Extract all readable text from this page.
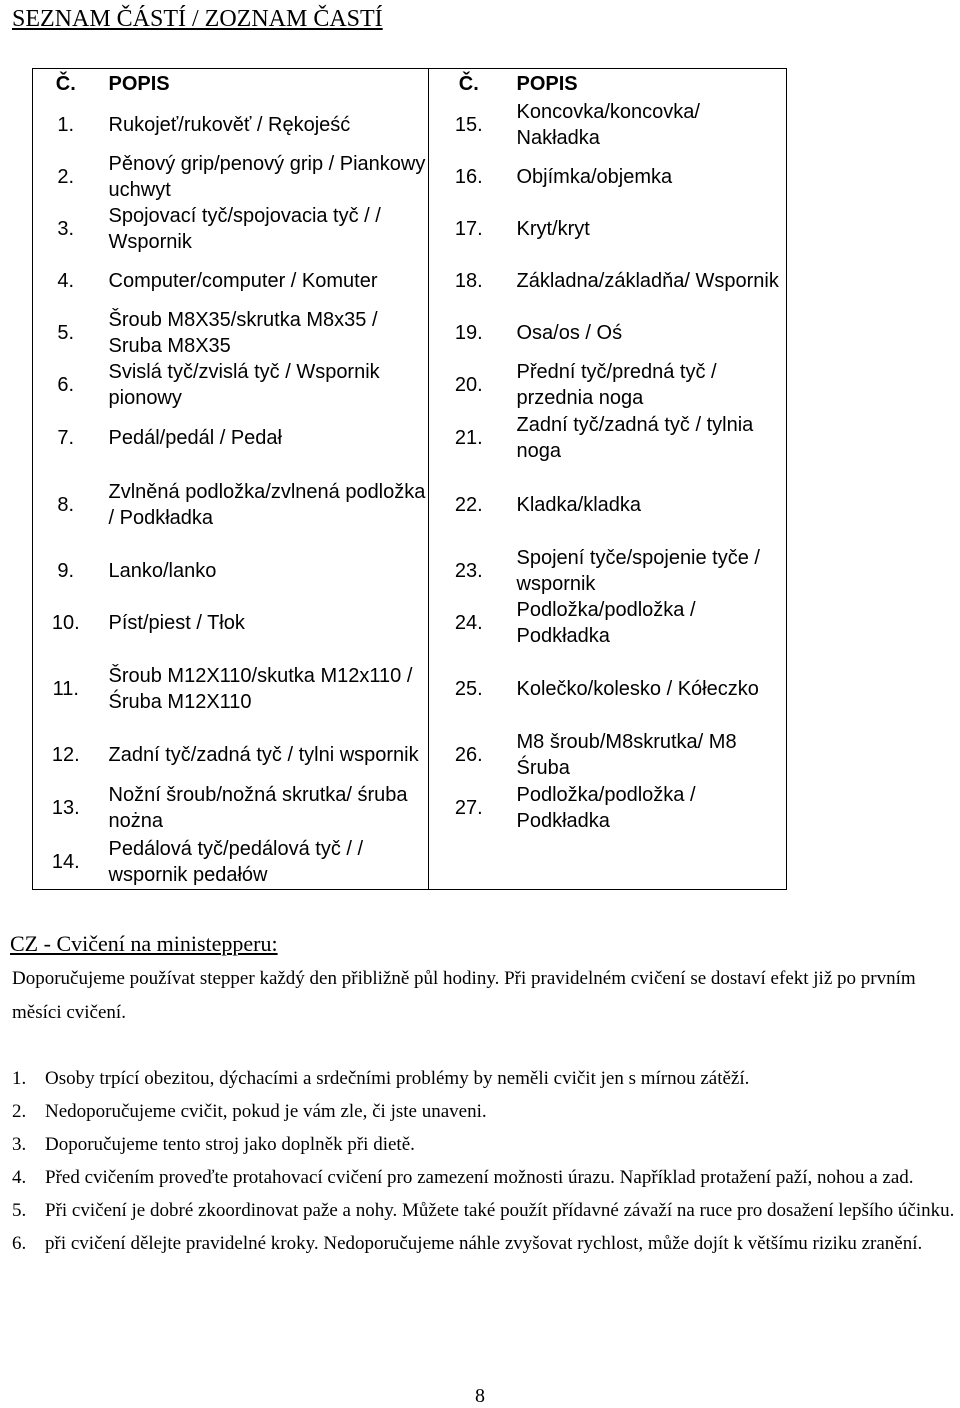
SEZNAM ČÁSTÍ / ZOZNAM ČASTÍ
Č.	POPIS	Č.	POPIS
1.	Rukojeť/rukověť / Rękojeść	15.	Koncovka/koncovka/ Nakładka
2.	Pěnový grip/penový grip / Piankowy uchwyt	16.	Objímka/objemka
3.	Spojovací tyč/spojovacia tyč / / Wspornik	17.	Kryt/kryt
4.	Computer/computer / Komuter	18.	Základna/základňa/ Wspornik
5.	Šroub M8X35/skrutka M8x35 / Sruba M8X35	19.	Osa/os / Oś
6.	Svislá tyč/zvislá tyč / Wspornik pionowy	20.	Přední tyč/predná tyč / przednia noga
7.	Pedál/pedál / Pedał	21.	Zadní tyč/zadná tyč / tylnia noga
8.	Zvlněná podložka/zvlnená podložka / Podkładka	22.	Kladka/kladka
9.	Lanko/lanko	23.	Spojení tyče/spojenie tyče / wspornik
10.	Píst/piest / Tłok	24.	Podložka/podložka / Podkładka
11.	Šroub M12X110/skutka M12x110 / Śruba M12X110	25.	Kolečko/kolesko / Kółeczko
12.	Zadní tyč/zadná tyč / tylni wspornik	26.	M8 šroub/M8skrutka/ M8 Śruba
13.	Nožní šroub/nožná skrutka/ śruba nożna	27.	Podložka/podložka / Podkładka
14.	Pedálová tyč/pedálová tyč / / wspornik pedałów		
CZ - Cvičení na ministepperu:
Doporučujeme používat stepper každý den přibližně půl hodiny. Při pravidelném cvičení se dostaví efekt již po prvním měsíci cvičení.
1. Osoby trpící obezitou, dýchacími a srdečními problémy by neměli cvičit jen s mírnou zátěží.
2. Nedoporučujeme cvičit, pokud je vám zle, či jste unaveni.
3. Doporučujeme tento stroj jako doplněk při dietě.
4. Před cvičením proveďte protahovací cvičení pro zamezení možnosti úrazu. Například protažení paží, nohou a zad.
5. Při cvičení je dobré zkoordinovat paže a nohy. Můžete také použít přídavné závaží na ruce pro dosažení lepšího účinku.
6. při cvičení dělejte pravidelné kroky. Nedoporučujeme náhle zvyšovat rychlost, může dojít k většímu riziku zranění.
8
